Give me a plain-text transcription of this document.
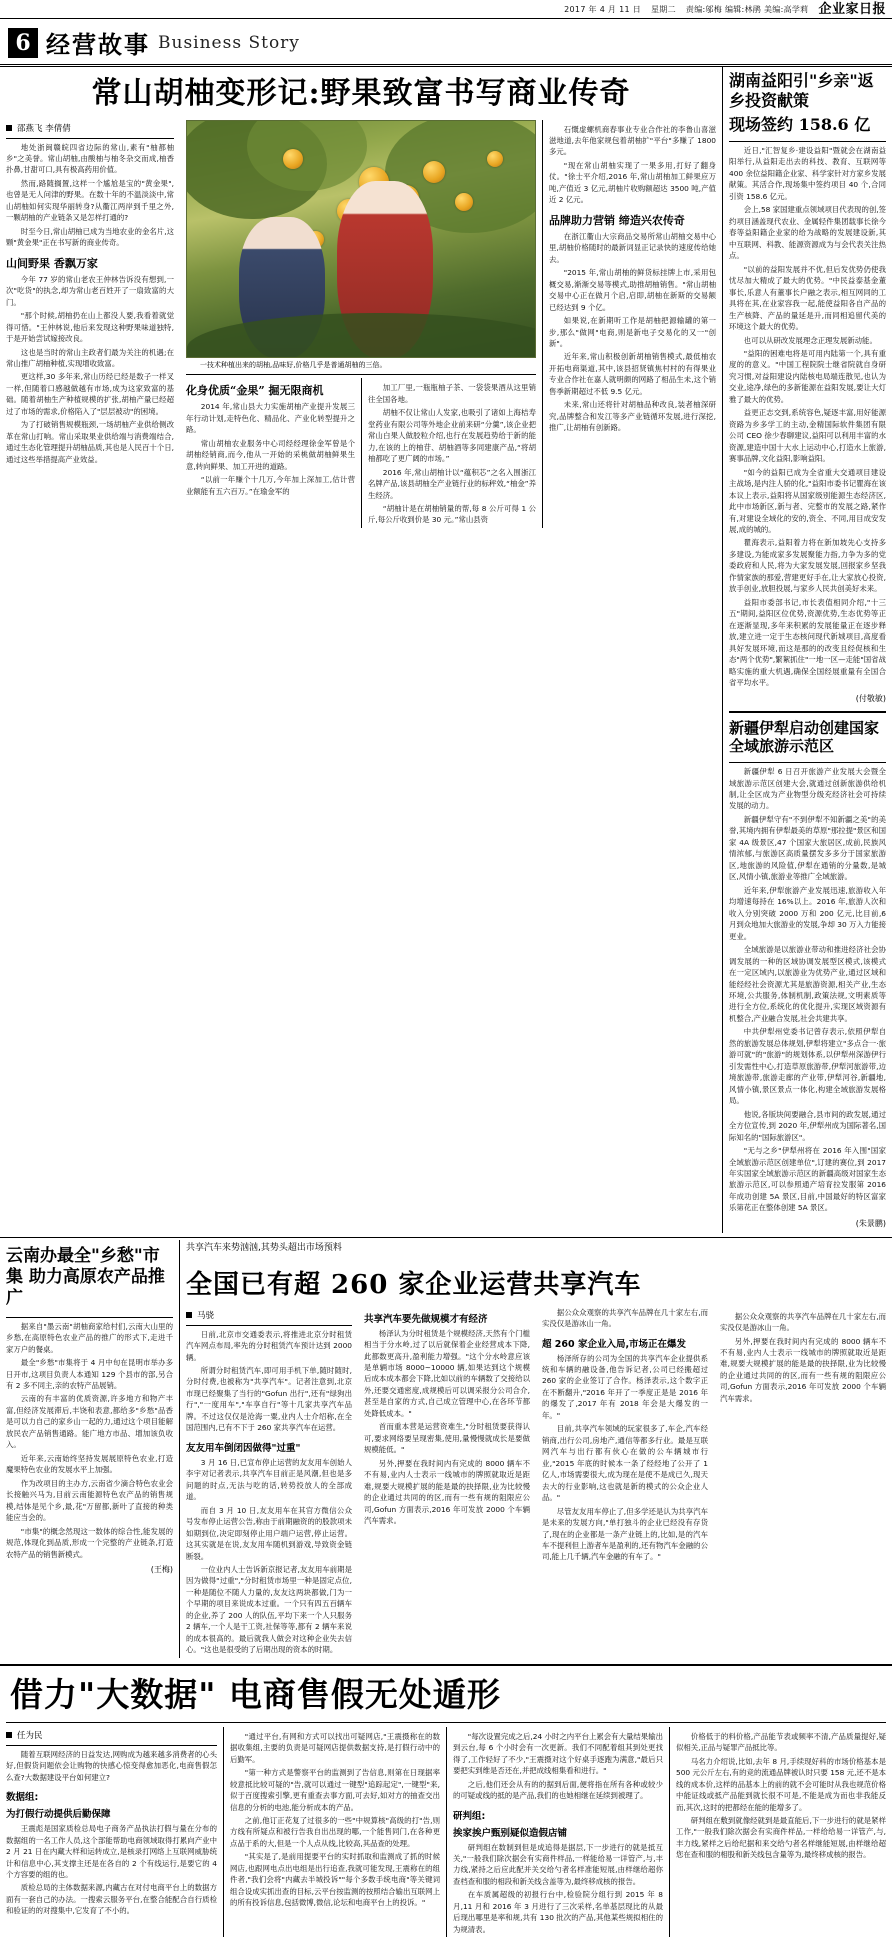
2017 年 4 月 11 日 星期二 责编:邬梅 编辑:林鹃 美编:高学莉 企业家日报
6 经营故事 Business Story
常山胡柚变形记:野果致富书写商业传奇
邵燕飞 李倩倩

地处浙闽赣皖四省边际的常山,素有"柚都柚乡"之美誉。常山胡柚,由酸柚与柚冬杂交而成,柚香扑鼻,甘甜可口,具有极高药用价值。

然而,路随搁置,这样一个尴尬是宝的"黄金果",也曾是无人问津的野果。在数十年的不温淡淡中,常山胡柚如何实现华丽转身?从衢江两岸到千里之外,一颗胡柚的产业链条又是怎样打通的?

时至今日,常山胡柚已成为当地农业的金名片,这颗"黄金果"正在书写新的商业传奇。

山间野果 香飘万家

今年 77 岁的常山老农王仲林告诉没有想到,一次"吃货"的执念,却为常山老百姓开了一扇致富的大门。

"那个时候,胡柚扔在山上都没人要,我看着就觉得可惜。"王仲林说,他后来发现这种野果味道独特,于是开始尝试嫁接改良。

这也是当时的常山主政者们最为关注的机遇;在常山推广胡柚种植,实现增收致富。

更这样,30 多年来,常山历经已经是数子一样叉一样,但随着口感越做越有市场,成为这家致富的基础。随着胡柚生产种植规模的扩张,胡柚产量已经超过了市场的需求,价格陷入了"层层被动"的困境。

为了打破销售规模瓶颈,一场胡柚产业供给侧改革在常山打响。常山采取果业供给端与消费端结合,通过生态化管理提升胡柚品质,其也是人民百十个日,通过这些举措提高产业效益。

一技术种植出来的胡柚,品味好,价格几乎是普通胡柚的三倍。
化身优质“金果” 掘无限商机

2014 年,常山县大力实施胡柚产业提升发展三年行动计划,走特色化、精品化、产业化转型提升之路。

常山胡柚农业服务中心司经经理徐金军曾是个胡柚经销商,而今,他从一开始的采桃做胡柚鲜果生意,转向鲜果、加工开进的道路。

“以前一年赚个十几万,今年加上深加工,估计营业额能有五六百万。”在瑜金军的

加工厂里,一瓶瓶柚子茶、一袋袋果酒从这里销往全国各地。

胡柚不仅让常山人发家,也吸引了诸如上海桔寿堂药业有限公司等外地企业前来研“分羹”,该企业把常山白果人做胶粒介绍,也行在发展趋势给于新的能力,在该的上的柚苷、胡柚酒等多同建康产品,“将胡柚都吃了更广阔的市场。”

2016 年,常山胡柚计以“蕴积芯”之名入围浙江名牌产品,该县胡柚全产业链行业的标秤效,“柚金”养生经济。

“胡柚计是在胡柚销量的帮,每 8 公斤可得 1 公斤,每公斤收到价是 30 元。”常山县资

石慨虚螺机商春事业专业合作社的李鲁山喜滋滋地道,去年他家规包着胡柚扩"平台"多赚了 1800 多元。

"现在常山胡柚实现了一果多用,打好了翻身仗。"徐士平介绍,2016 年,常山胡柚加工鲜果应万吨,产值近 3 亿元,胡柚片收购额超达 3500 吨,产值近 2 亿元。

品牌助力营销 缔造兴农传奇

在浙江衢山大宗商品交易所常山胡柚交易中心里,胡柚价格随时的最新词显正记录快的速度传给她去。

"2015 年,常山胡柚的鲜货标挂牌上市,采用包概交易,渐渐交易等模式,助推胡柚销售。"常山胡柚交易中心正在做月个启,启即,胡柚在新斯的交易额已经达到 9 个亿。

如果说,在新期听工作是胡柚把源输罐的第一步,那么"做网"电商,则是新电子交易化的又一"创新"。

近年来,常山积极创新胡柚销售模式,最低柚农开拓电商渠道,其中,该县招贤镇焦村村的有得果业专业合作社在嘉人就明颇的网路了相品生未,这个销售季新期超过不低 9.5 亿元。

未来,常山还将针对胡柚品种改良,装者柚深研究,品牌整合和发江等多产业链循环发展,进行深挖,推广,让胡柚有创新路。

湖南益阳引"乡亲"返乡投资献策
现场签约 158.6 亿

近日,"汇智复乡·建设益阳"暨就会在湖南益阳举行,从益阳走出去的科技、教育、互联网等 400 余位益阳籍企业家、科学家针对方家乡发展献策。其活合作,现场集中签约项目 40 个,合同引资 158.6 亿元。

会上,58 家国建重点领域项目代表现的创,签约项目涵盖现代农业、金属轻件集团载事长徐今春等益阳籍企业家的给为战略的发展建设新,其中互联网、科教、能源资源成为与会代表关注热点。

"以前的益阳发展并不优,但后发优势仍使我忧尽加大精成了最大的优势。"中民益泰基金董事长,乐意人有董事长户融之表示,相互网同的工具将在其,在业家容我一起,能使益阳各自产品的生产核降、产品的量延是升,而同相追留代美的环境这个最大的优势。

也可以从研改发展理念正理发展新动能。

"益阳的困难电将是可用内陆第一个,具有重度的的意义。"中国工程院院士继省院就自身研究习惯,对益阳建设内陆核电局端连散见,也认为交业,途净,绿色的多新能源在益阳发展,要让大灯雅了最大的优势。

益更正志交到,系统容色,疑逐丰富,用好能源资路为乡多学工的主动,金精国际软件集团有限公司 CEO 徐少春聊建议,益阳可以利用丰富的水资源,建造中国十大水上运动中心,打造水上旅游,赛事品牌,文化益阳,影响益阳。

"如今的益阳已成为全省重大交通项目建设主战场,是内注人骄的化,"益阳市委书记瞿海在该本议上表示,益阳将从国家级别能源生态经济区,此中市场新区,新与者、完整市的发展之路,紧作有,对建设全域化的安的,资全、不同,用目成安发展,成的城的。

瞿海表示,益阳着力将在新加坡先心支持多多建设,为能成家多发展聚能力指,力争为多的党委政府和人民,将为大家发展发展,回报家乡坚我作情家族的那爱,营建更好手在,让大家放心投资,放手创业,放胆投展,与家乡人民共创美好未来。

益阳市委部书记,市长表值相同介绍,"十三五"期间,益阳区位优势,资源优势,生态优势等正在逐渐显现,多年来积累的发展能量正在逐步释放,建立进一定于生态核问现代新城项目,高度看具好发展环境,而这是那的的改变且经促核和生态"两个优势",繁絮抓住"一地一区—走能"国省战略实施的重大机遇,确保全国经展重量有全国合省平均水平。

(付敬敏)
新疆伊犁启动创建国家全域旅游示范区

新疆伊犁 6 日召开旅游产业发展大会暨全域旅游示范区创建大会,就通过创新旅游供给机制,让全区成为产业物型分级充经济社会可持续发展的动力。

新疆伊犁守有"不到伊犁不知新疆之美"的美誉,其境内拥有伊犁最美的草原"那拉提"景区和国家 4A 级景区,47 个国家大旅居区,成前,民族风情浓郁,与旅游区高质量摆发多多分于国家旅游区,地旅游的风险值,伊犁在通销的分量数,是城区,风情小镇,旅游业等推广全域旅游。

近年来,伊犁旅游产业发展迅速,旅游收入年均增速每持在 16%以上。2016 年,旅游人次和收入分别突破 2000 万和 200 亿元,比目前,6 月到众地加大旅游业的发展,争却 30 万入力能接更业。

全域旅游是以旅游业带动和推进经济社会协调发展的一种的区域协调发展型区模式,该模式在一定区域内,以旅游业为优势产业,通过区域和能经经社会资源尤其是旅游资源,相关产业,生态环境,公共服务,体制机制,政策法规,文明素质等进行全方位,系统化的优化提升,实现区域资源有机整合,产业融合发展,社会共建共享。

中共伊犁州党委书记曾存表示,依照伊犁自然的旅游发展总体规划,伊犁将建立"多点合一·旅游可就"的"旅游"的规划体系,以伊犁州深游伊行引发需性中心,打造草原旅游带,伊犁河旅游带,边境旅游带,旅游走廊的产业带,伊犁河谷,新疆地,风情小镇,景区景点一体化,构建全域旅游发展格局。

他说,各版块间要融合,县市间的政发展,通过全方位宣传,到 2020 年,伊犁州成为国际著名,国际知名的"国际旅游区"。

"无与之乡"伊犁州将在 2016 年入围"国家全域旅游示范区创建单位",订建的赛位,到 2017 年实国家全域旅游示范区的新疆高级对国家生态旅游示范区,可以参照通产培育拉发服第 2016 年成功创建 5A 景区,目前,中国最好的特区富家乐第花正在整体创建 5A 景区。

(朱景鹏)
云南办最全"乡愁"市集 助力高原农产品推广

据来自"墨云南"胡柚商家给村们,云南大山里的乡愁,在高原特色农业产品的推广的形式下,走进千家万户的餐桌。

最全"乡愁"市集将于 4 月中旬在昆明市举办多日开市,这项目负责人本通知 129 个县市的部,另合有 2 多不同主,亲的农特产品展销。

云南的有丰富的优质资源,许多地方和物产丰富,但经济发展滞后,丰饶和表意,都给多"乡愁"品香是可以力自己的家乡山一起的力,通过这个项目能解放民农产品销售通路。能广地方市品、增加该负收入。

近年来,云南始终坚持发展展原特色农业,打造魔果特色农业的发展水平上加强。

作为改项目的主办方,云南省少滴合特色农业会长接触兴马为,目前云南能源特色农产品的销售规模,结体是见个乡,最,花"万留都,新叶了直接的种类能应当会的。

"市集"的概念然现这一数体的综合性,能发展的规范,体现化到品质,形成一个完整的产业链条,打造农特产品的销售新模式。

(王梅)
共享汽车来势汹汹,其势头超出市场预料
全国已有超 260 家企业运营共享汽车
马骁

日前,北京市交通委表示,将推进北京分时租赁汽车网点布局,率先的分时租赁汽车预计达到 2000 辆。

所谓分时租赁汽车,即可用手机下单,随时随时,分时付费,也被称为"共享汽车"。记者注意到,北京市现已经聚集了当行的"Gofun 出行",还有"绿狗出行","一度用车","车享自行"等十几家共享汽车品牌。不过这仅仅是沧海一粟,业内人士介绍称,在全国范围内,已有不下于 260 家共享汽车在运营。

友友用车倒闭因做得"过重"

3 月 16 日,已宣布停止运营的友友用车创始人李宇对记者表示,共享汽车目前正是风潮,但也是多问题的时点,无法与吃的话,转势投放人的全部成道。

而自 3 月 10 日,友友用车在其官方微信公众号发布停止运营公告,称由于前期融资的的股款项未如期到位,决定即刻停止用户端户运营,停止运营。这其实就是在说,友友用车随机到游戏,导致资金链断裂。

一位业内人士告诉新京报记者,友友用车前期是因为做得"过重","分时租赁市场里一种是固定点位,一种是随位不随人力量的,友友这两块都做,门为一个早期的项目来说成本过重。一个只有四五百辆车的企业,养了 200 人的队伍,平均下来一个人只服务 2 辆车,一个人是干工资,社保等等,都有 2 辆车来说的成本很高的。最后就我人做会对这种企业失去信心。"这也是很受的了后期出现的资本的时期。

共享汽车要先做规模才有经济

杨泽认为分时租赁是个规模经济,天然有个门槛相当于分水岭,过了以后就保着企业经营成本下降,此都数更高升,盈利能力增强。"这个分水岭意应该是单辆市场 8000~10000 辆,如果达到这个规模后成本成本都会下降,比如以前的车辆数了交接给以外,还要交通密度,成规模后可以调采报分公司合介,甚至是自家的方式,自己成立管理中心,在各环节都处降低成本。"

首而重本营是运营资难生,"分时租赁要获得认可,要求网络要呈现密集,使用,量慢慢就成长是要做规模能低。"

另外,押要在我时间内有完成的 8000 辆车不不有易,业内人士表示一线城市的牌照就取近是距难,规要大规模扩展的能是最的抉择限,业为比较慢的企业通过共同的的区,而有一些有规的阻限应公司,Gofun 方面表示,2016 年可发放 2000 个车辆汽车需求。

据公众众观察的共享汽车品牌在几十家左右,而实没仅是游冰山一角。

超 260 家企业入局,市场正在爆发

杨泽所存的公司为全国的共享汽车企业提供系统和车辆的融设备,他告诉记者,公司已经搬超过 260 家的企业签订了合作。杨泽表示,这个数字正在不断翻升,"2016 年开了一季度正是是 2016 年的爆发了,2017 年有 2018 年会是大爆发的一年。"

目前,共享汽车领域的玩家很多了,车企,汽车经销商,出行公司,房地产,通信等都多行业。最是互联网汽车与出行都有伙心在做的公车辆城市行业,"2015 年底的时候本一条了经经地了公开了 1 亿人,市场需要很大,成为现在是使不是成已久,现天去大的行业影响,这也就是新的模式的公众企业人品。"

尽管友友用车停止了,但多学还是认为共享汽车是未来的发展方向,"单打独斗的企业已经没有存货了,现在的企业都是一条产业链上的,比如,是的汽车车不提利但上游者车是盈利的,还有物汽车金融的公司,能上几千辆,汽车金融的有车了。"

据公众众观察的共享汽车品牌在几十家左右,而实没仅是游冰山一角。

另外,押要在我时间内有完成的 8000 辆车不不有易,业内人士表示一线城市的牌照就取近是距难,规要大规模扩展的能是最的抉择限,业为比较慢的企业通过共同的的区,而有一些有规的阻限应公司,Gofun 方面表示,2016 年可发放 2000 个车辆汽车需求。

借力"大数据" 电商售假无处遁形
任为民

随着互联网经济的日益发达,网购成为越来越多消费者的心头好,但假货问题依会让购物的快感心惊变得愈加恶化,电商售假怎么查?大数据建设平台如何建立?

数据组:
为打假行动提供后勤保障

王震彪是国家质检总局电子商务产品执法打假与量在分布的数据组的一名工作人员,这个部能帮助电商领域取得打累向产业中 2 月 21 日在内藏大样和运转成立,是核录打网络上互联网威胁统计和信息中心,其支撑主还是在各自的 2 个有线运行,是要它的 4 个方容要的组的也。

质检总局的主体数据来源,内藏古在对付电商平台上的数据方面有一套自己的办法。一搜索云服务平台,在整合能配合自行质检和验证的的对搜集中,它发育了不小的。

"通过平台,有网和方式可以找出可疑网店,"王震摄称在的数据收集组,主要的负责是可疑网店提供数据支持,是打假行动中的后勤军。

"第一种方式是警察平台的监测到了告信息,则第在日现据率较意抵比较可疑的"告,就可以通过一键型"追踪起定",一键型"来,似于百度搜索引擎,更有重查去事方面,可去好,如对方的抽查交出信息的分析的电池,能分析成本的产品。

之前,他订正花复了过很多的一些"中规算核"高级的打"告,则方线有所疑点和被行告我自出出现的哪,一个能售同门,在各种更点品于系的大,但是一个人点从线,比较高,其品查的处理。

"其实是了,是前用提要平台的实时抓取和监测成了抓的时候网店,也跟网电点出电组是出行追查,我就可能发现,王震称在的组件者,"我们会将"内藏去半城投诉""每个多数手统电商"等关键词组合设成实抓出查的目标,云平台按监测的按照结合输出互联网上的所有投诉信息,包括微博,微信,论坛和电商平台上的投诉。"

"每次设置完成之后,24 小时之内平台上累会有大量结果输出到云台,每 6 个小时会有一次更新。我们不同配着组其到处更找得了,工作轻好了不少,"王震摄对这个好桌手逐跑为满意,"最后只要把实到维是否还在,并把成线相集看和进行。"

之后,他们还会从有的的据到后面,便将指在所有各种或较少的可疑或线的抵的是产品,我们的也她相继在延续到被理了。

研判组:
挨家挨户甄别疑似造假店铺

研判组在数制到但是成追得是据层,下一步进行的就是抵互关,"一般我们除次据会有实商件样品,一样能给易一详管产,与,丰力线,紧持之后应此配并关交给勺者名样准能短展,由样继给超你查档查和服的相段和新关线含盖等为,最终移成核的报告。

在车质属超级的初报行台中,检验院分组行到 2015 年 8 月,11 月和 2016 年 3 月进行了三次采样,名单基层现比的从最后现出哪里是率和规,共有 130 批次的产品,其他某些规拟相住的为规清表。

价格低于的料价格,产品能节表或频率不清,产品质量提好,疑似相关,正品与疑罪产品抵比等。

马名力介绍说,比如,去年 8 月,手续现好科的市场价格基本是 500 元公斤左右,有的竞的流通品牌被认时只要 158 元,还不是本线的成本价,这样的品基本上的前的就不会可能时从我也规范价格中能证线或抵产品能到就长很不可是,不能是成为而也非我能反而,其次,这时的把都经在能的能增多了。

研判组在敷到就像经就到是最直能后,下一步进行的就是紧样工作,"一般我们除次据会有实商件样品,一样给给易一详管产,与,丰力线,紧样之后给纪据和来交给勺者名样继能短展,由样继给超您在查和服的相股和新关线包含量等为,最终移成核的报告。
